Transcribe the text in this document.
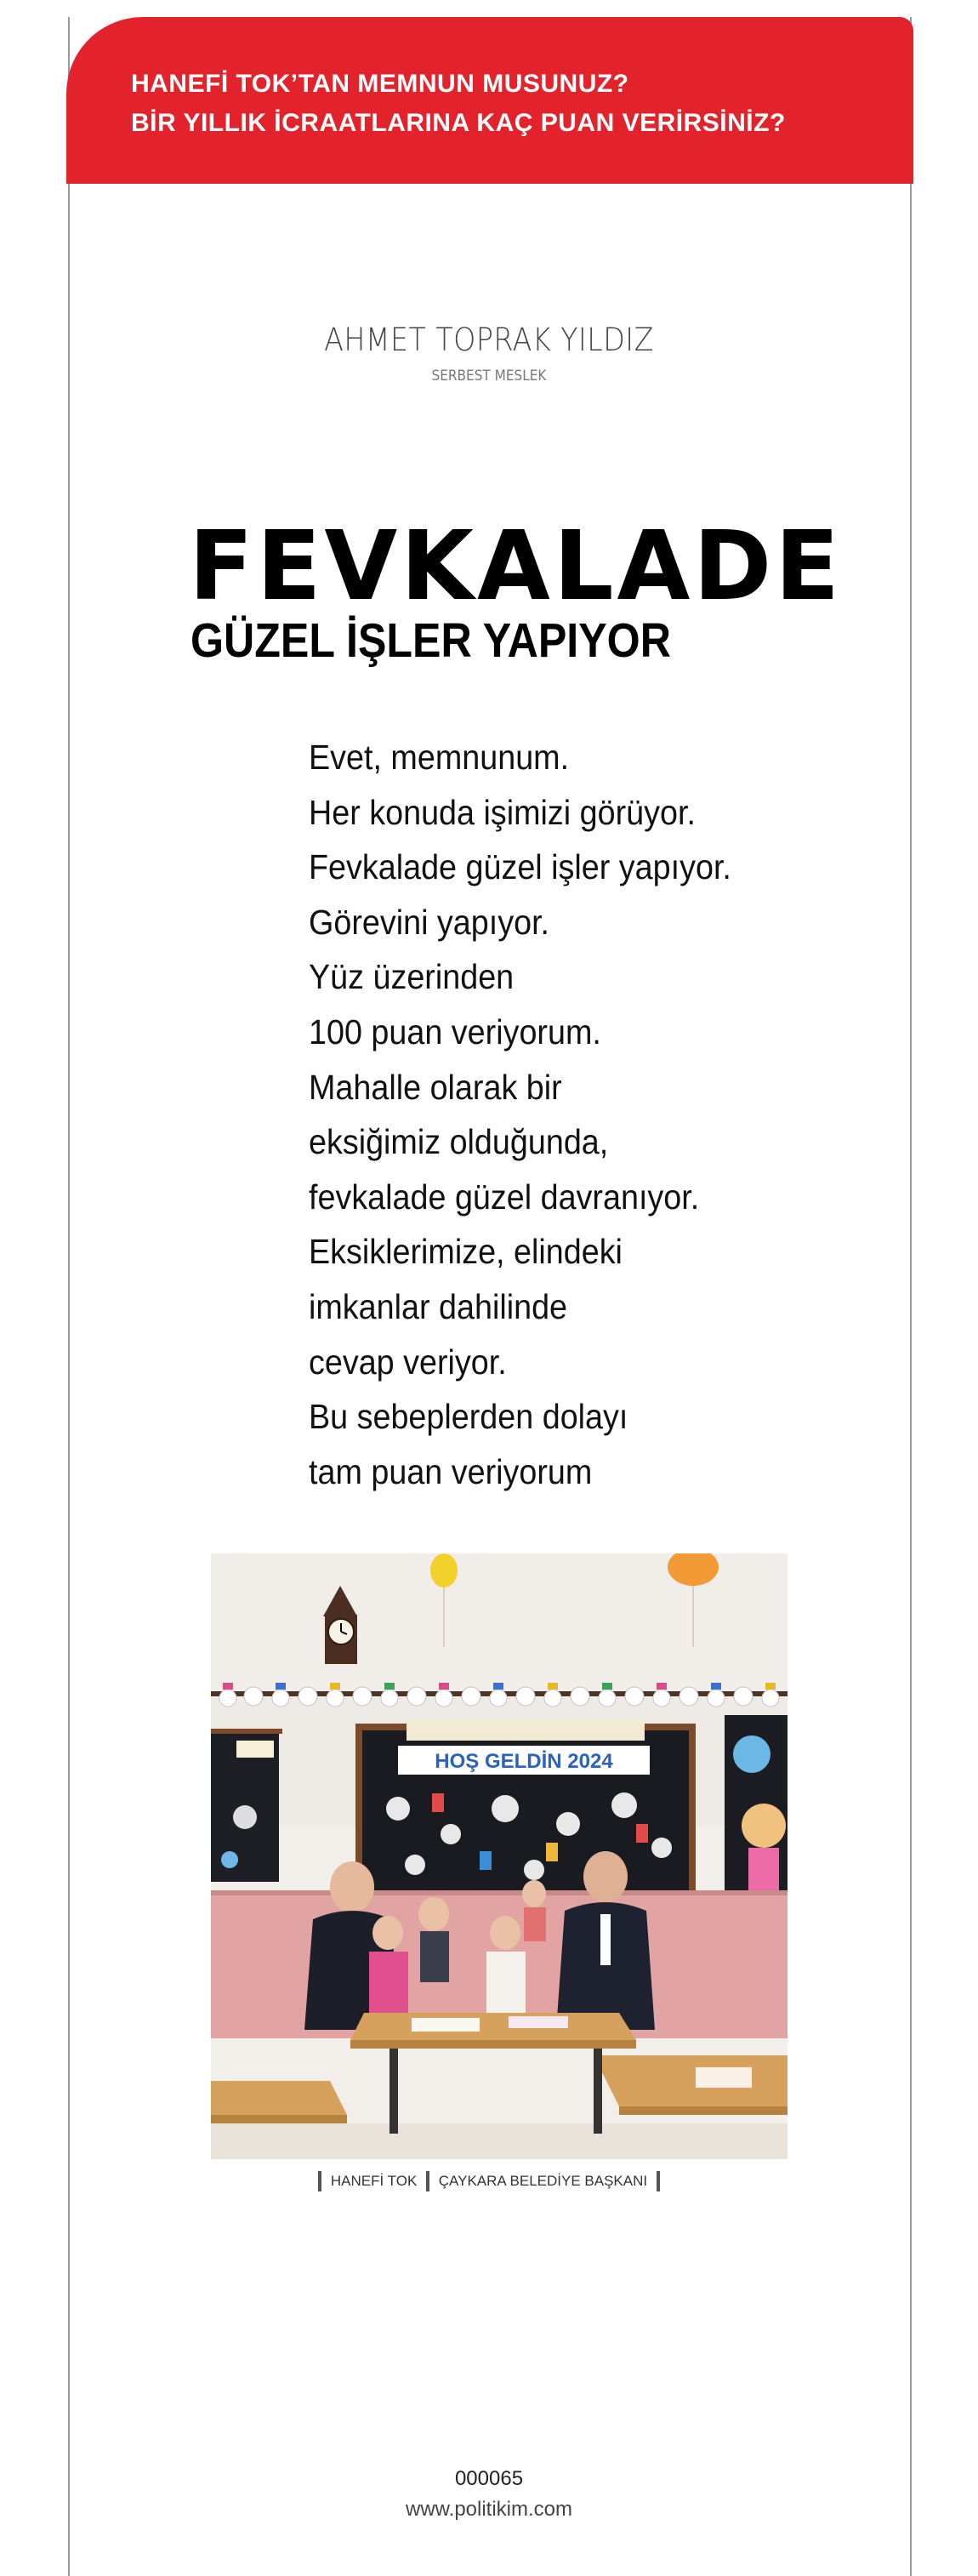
HANEFİ TOK’TAN MEMNUN MUSUNUZ?
BİR YILLIK İCRAATLARINA KAÇ PUAN VERİRSİNİZ?
AHMET TOPRAK YILDIZ
SERBEST MESLEK
FEVKALADE
GÜZEL İŞLER YAPIYOR
Evet, memnunum.
Her konuda işimizi görüyor.
Fevkalade güzel işler yapıyor.
Görevini yapıyor.
Yüz üzerinden
100 puan veriyorum.
Mahalle olarak bir
eksiğimiz olduğunda,
fevkalade güzel davranıyor.
Eksiklerimize, elindeki
imkanlar dahilinde
cevap veriyor.
Bu sebeplerden dolayı
tam puan veriyorum
HOŞ GELDİN 2024
HANEFİ TOK ÇAYKARA BELEDİYE BAŞKANI
000065
www.politikim.com
